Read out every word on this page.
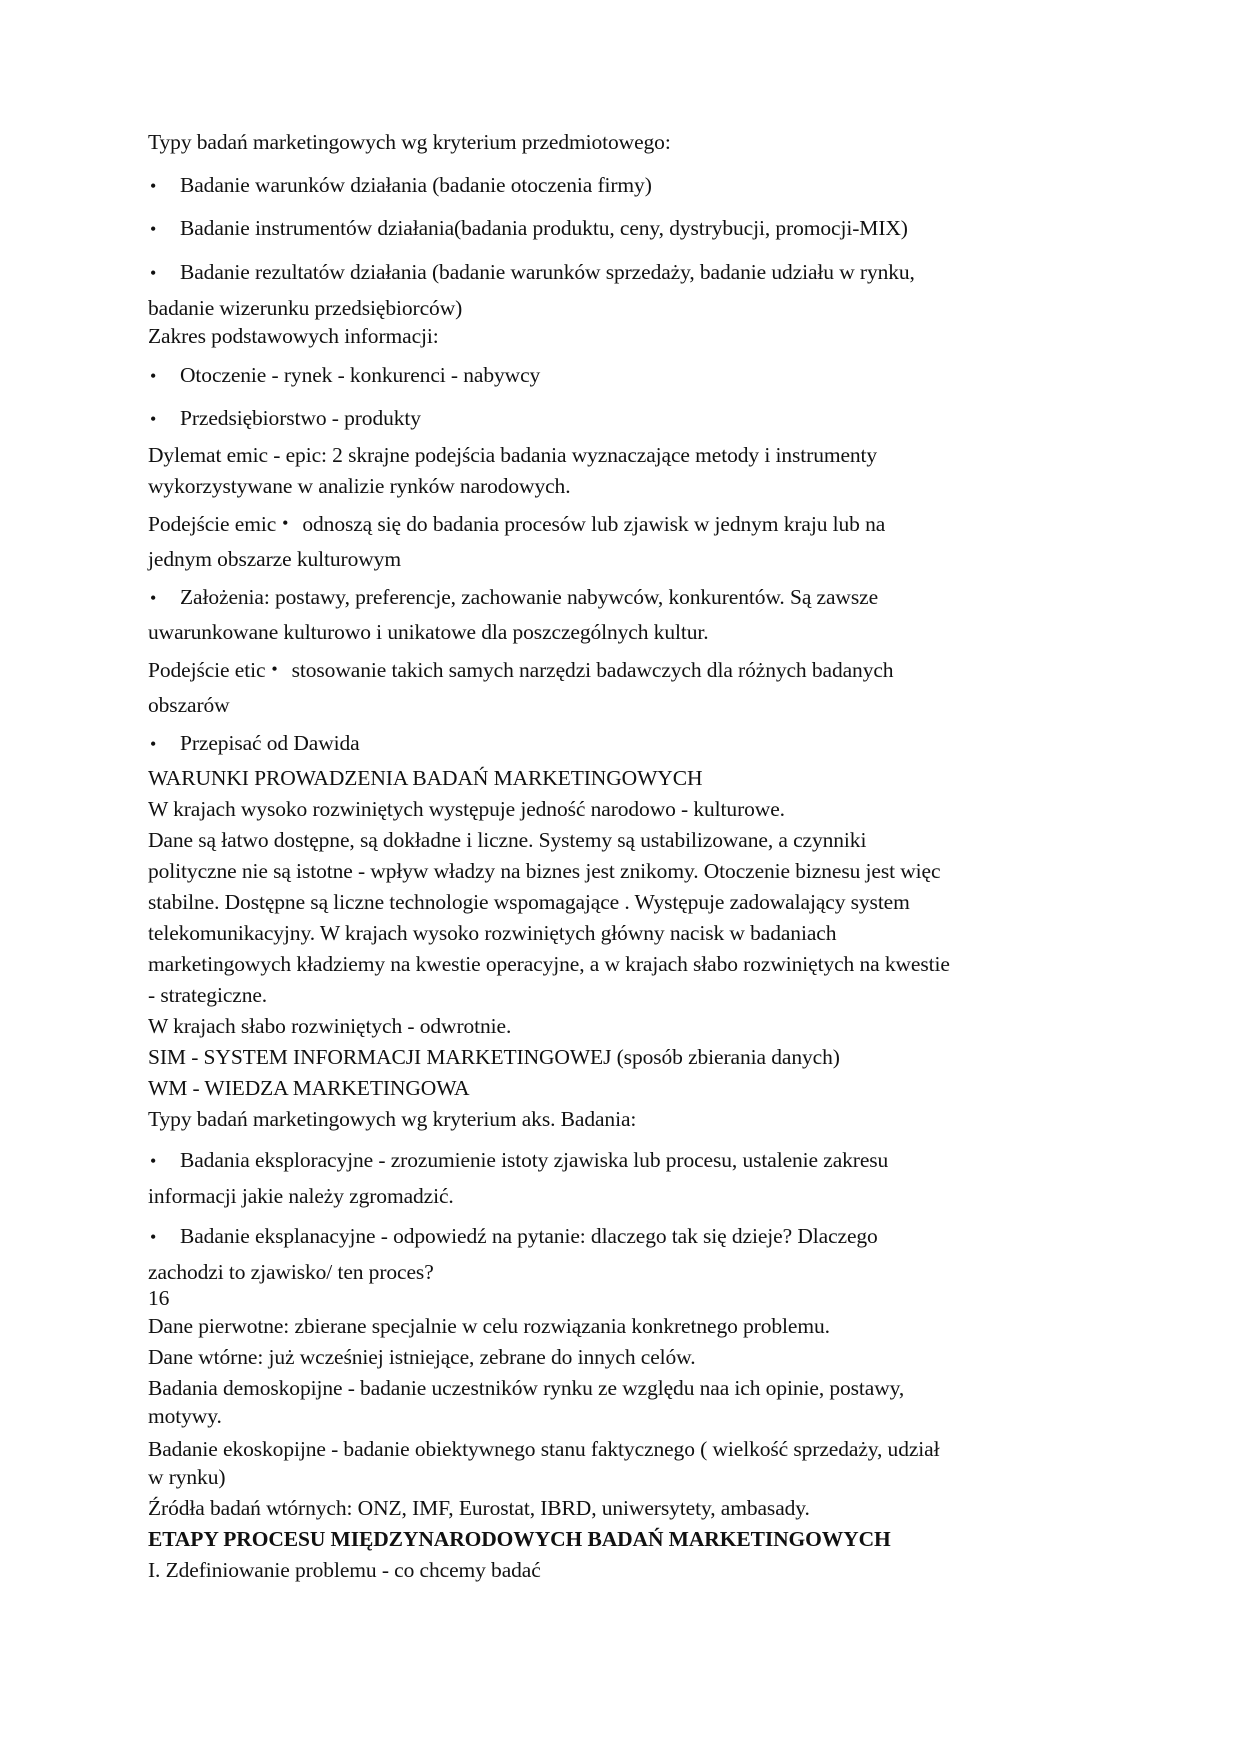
Typy badań marketingowych wg kryterium przedmiotowego:
• Badanie warunków działania (badanie otoczenia firmy)
• Badanie instrumentów działania(badania produktu, ceny, dystrybucji, promocji‑MIX)
• Badanie rezultatów działania (badanie warunków sprzedaży, badanie udziału w rynku,
badanie wizerunku przedsiębiorców)
Zakres podstawowych informacji:
• Otoczenie ‑ rynek ‑ konkurenci ‑ nabywcy
• Przedsiębiorstwo ‑ produkty
Dylemat emic ‑ epic: 2 skrajne podejścia badania wyznaczające metody i instrumenty
wykorzystywane w analizie rynków narodowych.
Podejście emic • odnoszą się do badania procesów lub zjawisk w jednym kraju lub na
jednym obszarze kulturowym
• Założenia: postawy, preferencje, zachowanie nabywców, konkurentów. Są zawsze
uwarunkowane kulturowo i unikatowe dla poszczególnych kultur.
Podejście etic • stosowanie takich samych narzędzi badawczych dla różnych badanych
obszarów
• Przepisać od Dawida
WARUNKI PROWADZENIA BADAŃ MARKETINGOWYCH
W krajach wysoko rozwiniętych występuje jedność narodowo ‑ kulturowe.
Dane są łatwo dostępne, są dokładne i liczne. Systemy są ustabilizowane, a czynniki
polityczne nie są istotne ‑ wpływ władzy na biznes jest znikomy. Otoczenie biznesu jest więc
stabilne. Dostępne są liczne technologie wspomagające . Występuje zadowalający system
telekomunikacyjny. W krajach wysoko rozwiniętych główny nacisk w badaniach
marketingowych kładziemy na kwestie operacyjne, a w krajach słabo rozwiniętych na kwestie
‑ strategiczne.
W krajach słabo rozwiniętych ‑ odwrotnie.
SIM ‑ SYSTEM INFORMACJI MARKETINGOWEJ (sposób zbierania danych)
WM ‑ WIEDZA MARKETINGOWA
Typy badań marketingowych wg kryterium aks. Badania:
• Badania eksploracyjne ‑ zrozumienie istoty zjawiska lub procesu, ustalenie zakresu
informacji jakie należy zgromadzić.
• Badanie eksplanacyjne ‑ odpowiedź na pytanie: dlaczego tak się dzieje? Dlaczego
zachodzi to zjawisko/ ten proces?
16
Dane pierwotne: zbierane specjalnie w celu rozwiązania konkretnego problemu.
Dane wtórne: już wcześniej istniejące, zebrane do innych celów.
Badania demoskopijne ‑ badanie uczestników rynku ze względu naa ich opinie, postawy,
motywy.
Badanie ekoskopijne - badanie obiektywnego stanu faktycznego ( wielkość sprzedaży, udział
w rynku)
Źródła badań wtórnych: ONZ, IMF, Eurostat, IBRD, uniwersytety, ambasady.
ETAPY PROCESU MIĘDZYNARODOWYCH BADAŃ MARKETINGOWYCH
I. Zdefiniowanie problemu ‑ co chcemy badać
